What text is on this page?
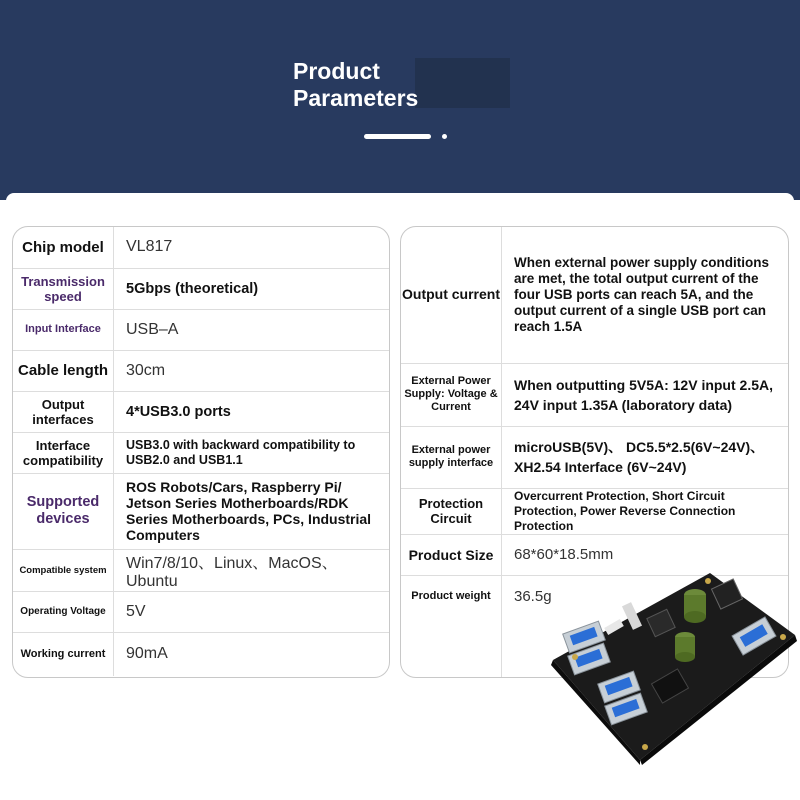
Product
Parameters
Chip model	VL817
Transmission speed	5Gbps (theoretical)
Input Interface	USB–A
Cable length	30cm
Output interfaces	4*USB3.0 ports
Interface compatibility	USB3.0 with backward compatibility to USB2.0 and USB1.1
Supported devices	ROS Robots/Cars, Raspberry Pi/ Jetson Series Motherboards/RDK Series Motherboards, PCs, Industrial Computers
Compatible system	Win7/8/10、Linux、MacOS、Ubuntu
Operating Voltage	5V
Working current	90mA
Output current	When external power supply conditions are met, the total output current of the four USB ports can reach 5A, and the output current of a single USB port can reach 1.5A
External Power Supply: Voltage & Current	When outputting 5V5A: 12V input 2.5A, 24V input 1.35A (laboratory data)
External power supply interface	microUSB(5V)、 DC5.5*2.5(6V~24V)、XH2.54 Interface (6V~24V)
Protection Circuit	Overcurrent Protection, Short Circuit Protection, Power Reverse Connection Protection
Product Size	68*60*18.5mm
Product weight	36.5g
